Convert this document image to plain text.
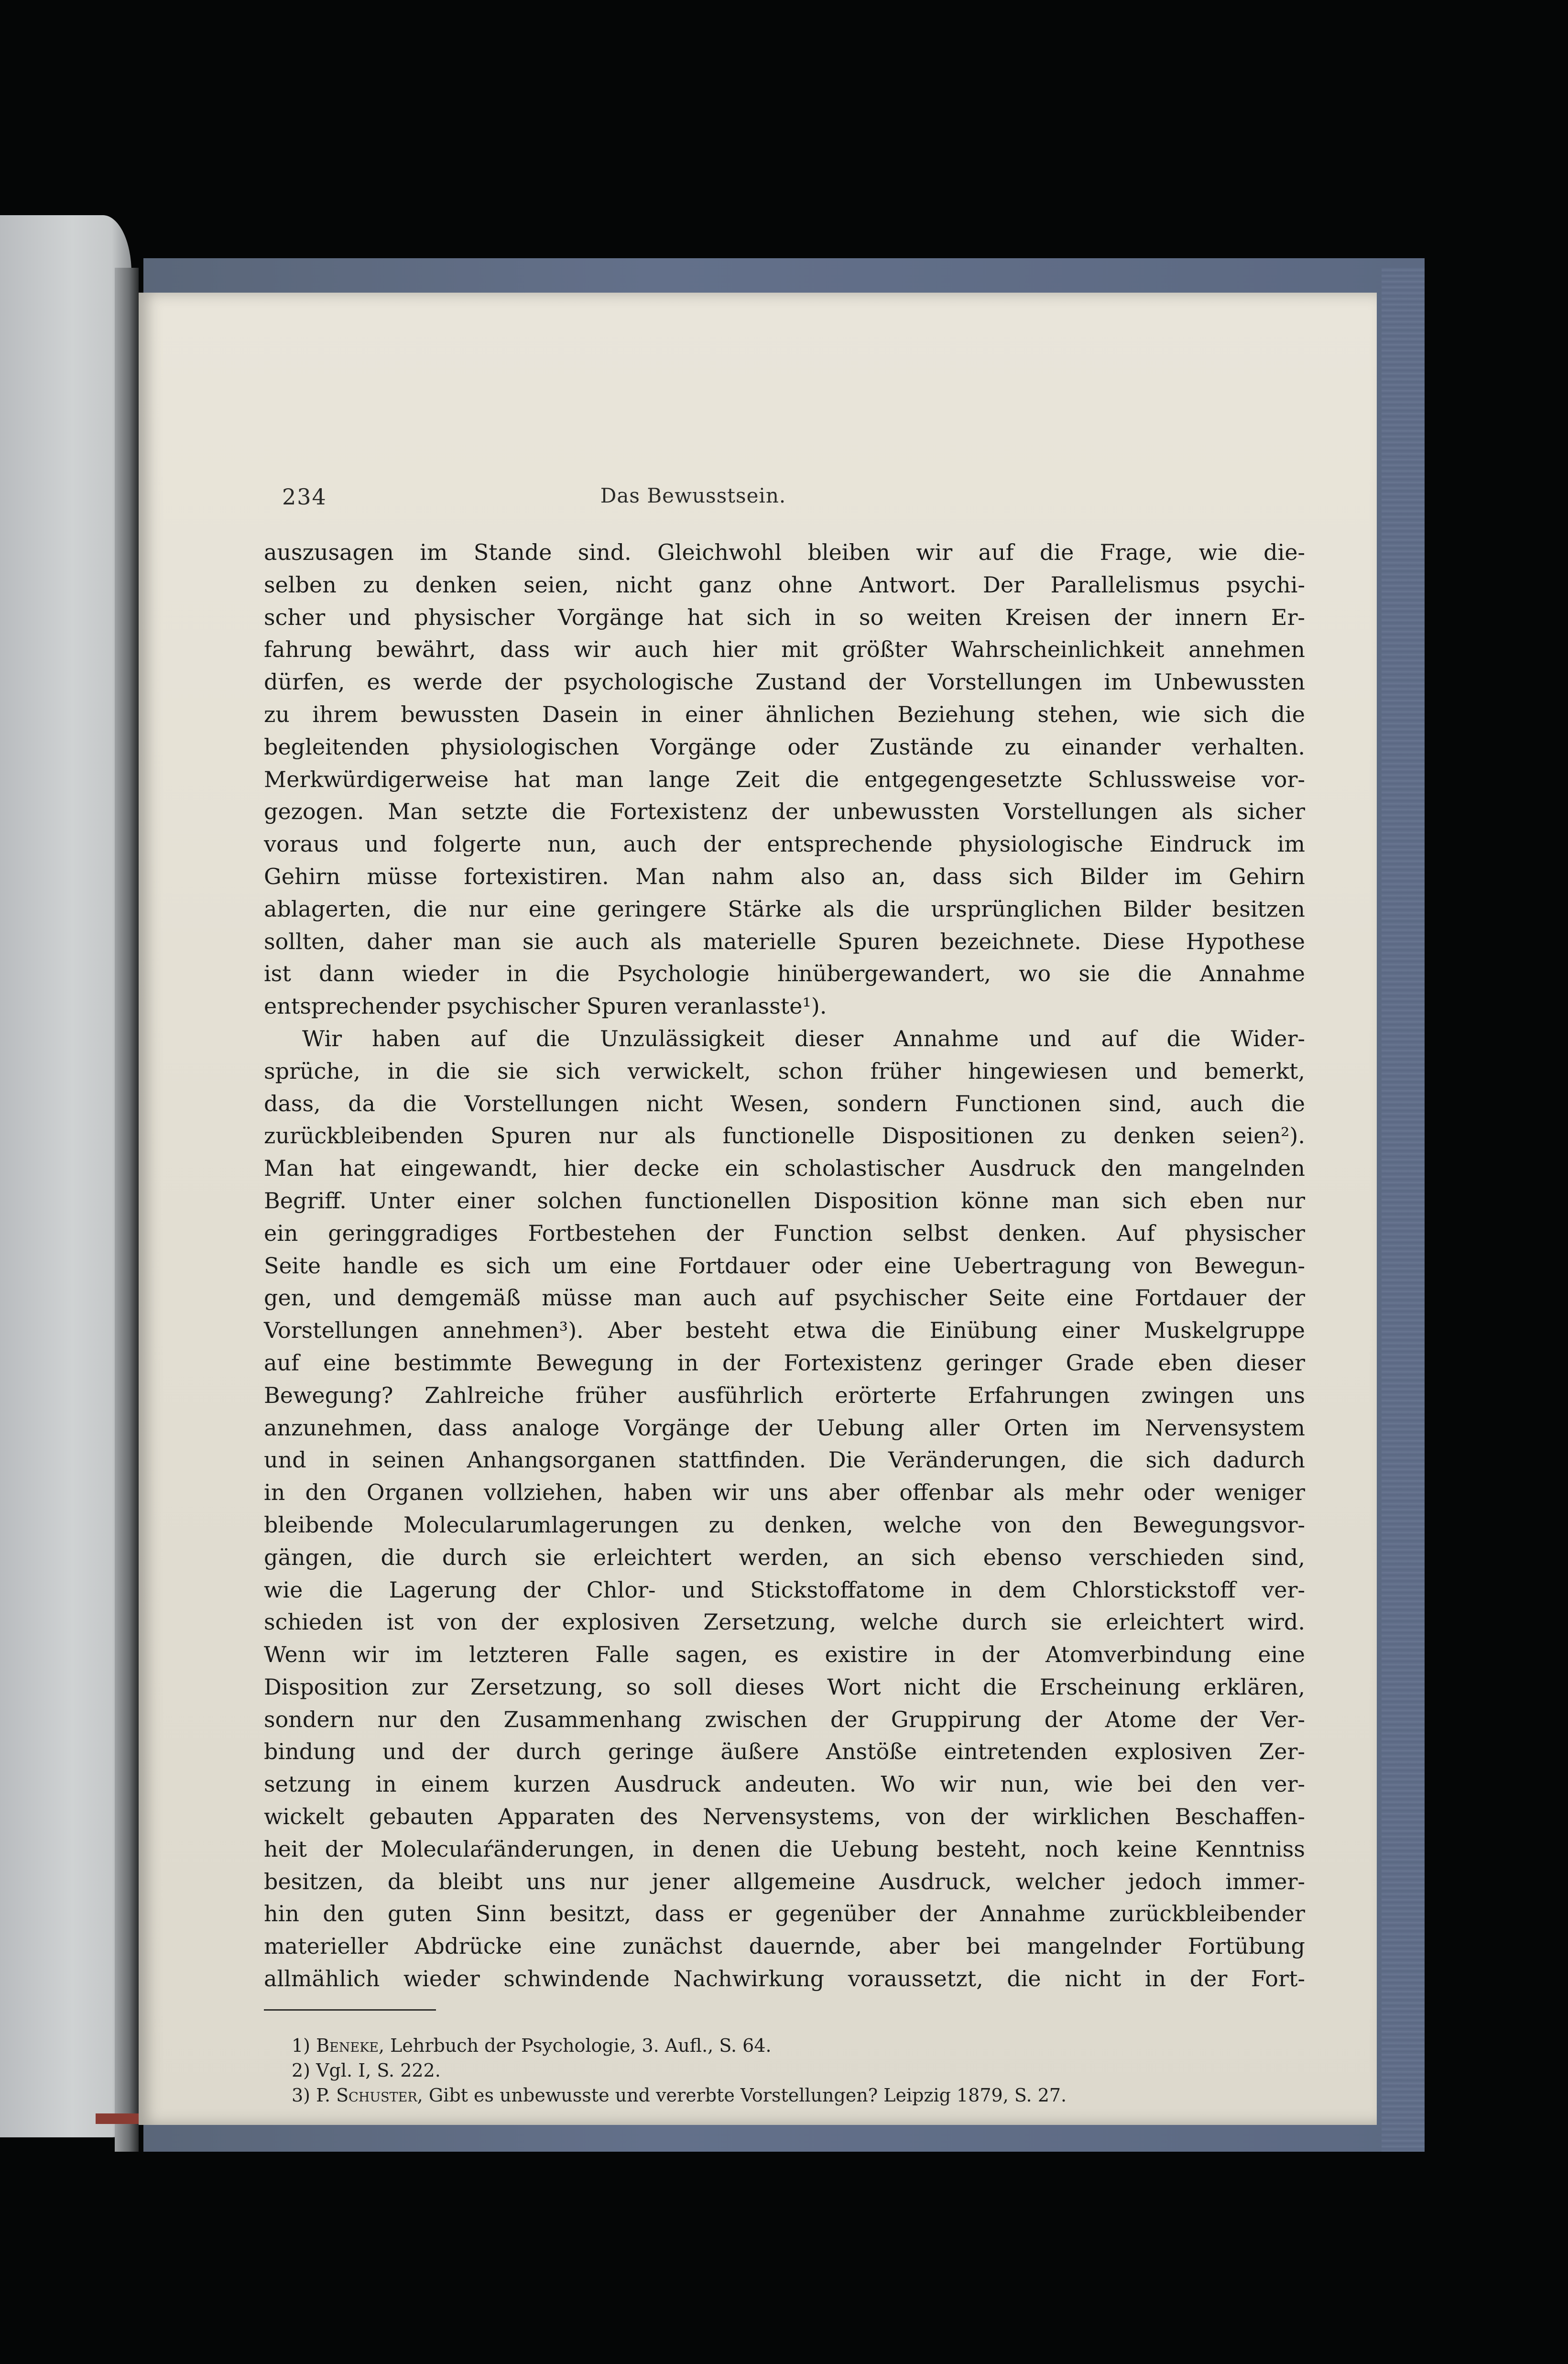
234	Das Bewusstsein.
auszusagen im Stande sind. Gleichwohl bleiben wir auf die Frage, wie die-
selben zu denken seien, nicht ganz ohne Antwort. Der Parallelismus psychi-
scher und physischer Vorgänge hat sich in so weiten Kreisen der innern Er-
fahrung bewährt, dass wir auch hier mit größter Wahrscheinlichkeit annehmen
dürfen, es werde der psychologische Zustand der Vorstellungen im Unbewussten
zu ihrem bewussten Dasein in einer ähnlichen Beziehung stehen, wie sich die
begleitenden physiologischen Vorgänge oder Zustände zu einander verhalten.
Merkwürdigerweise hat man lange Zeit die entgegengesetzte Schlussweise vor-
gezogen. Man setzte die Fortexistenz der unbewussten Vorstellungen als sicher
voraus und folgerte nun, auch der entsprechende physiologische Eindruck im
Gehirn müsse fortexistiren. Man nahm also an, dass sich Bilder im Gehirn
ablagerten, die nur eine geringere Stärke als die ursprünglichen Bilder besitzen
sollten, daher man sie auch als materielle Spuren bezeichnete. Diese Hypothese
ist dann wieder in die Psychologie hinübergewandert, wo sie die Annahme
entsprechender psychischer Spuren veranlasste¹).
Wir haben auf die Unzulässigkeit dieser Annahme und auf die Wider-
sprüche, in die sie sich verwickelt, schon früher hingewiesen und bemerkt,
dass, da die Vorstellungen nicht Wesen, sondern Functionen sind, auch die
zurückbleibenden Spuren nur als functionelle Dispositionen zu denken seien²).
Man hat eingewandt, hier decke ein scholastischer Ausdruck den mangelnden
Begriff. Unter einer solchen functionellen Disposition könne man sich eben nur
ein geringgradiges Fortbestehen der Function selbst denken. Auf physischer
Seite handle es sich um eine Fortdauer oder eine Uebertragung von Bewegun-
gen, und demgemäß müsse man auch auf psychischer Seite eine Fortdauer der
Vorstellungen annehmen³). Aber besteht etwa die Einübung einer Muskelgruppe
auf eine bestimmte Bewegung in der Fortexistenz geringer Grade eben dieser
Bewegung? Zahlreiche früher ausführlich erörterte Erfahrungen zwingen uns
anzunehmen, dass analoge Vorgänge der Uebung aller Orten im Nervensystem
und in seinen Anhangsorganen stattfinden. Die Veränderungen, die sich dadurch
in den Organen vollziehen, haben wir uns aber offenbar als mehr oder weniger
bleibende Molecularumlagerungen zu denken, welche von den Bewegungsvor-
gängen, die durch sie erleichtert werden, an sich ebenso verschieden sind,
wie die Lagerung der Chlor- und Stickstoffatome in dem Chlorstickstoff ver-
schieden ist von der explosiven Zersetzung, welche durch sie erleichtert wird.
Wenn wir im letzteren Falle sagen, es existire in der Atomverbindung eine
Disposition zur Zersetzung, so soll dieses Wort nicht die Erscheinung erklären,
sondern nur den Zusammenhang zwischen der Gruppirung der Atome der Ver-
bindung und der durch geringe äußere Anstöße eintretenden explosiven Zer-
setzung in einem kurzen Ausdruck andeuten. Wo wir nun, wie bei den ver-
wickelt gebauten Apparaten des Nervensystems, von der wirklichen Beschaffen-
heit der Moleculaŕänderungen, in denen die Uebung besteht, noch keine Kenntniss
besitzen, da bleibt uns nur jener allgemeine Ausdruck, welcher jedoch immer-
hin den guten Sinn besitzt, dass er gegenüber der Annahme zurückbleibender
materieller Abdrücke eine zunächst dauernde, aber bei mangelnder Fortübung
allmählich wieder schwindende Nachwirkung voraussetzt, die nicht in der Fort-
1) Beneke, Lehrbuch der Psychologie, 3. Aufl., S. 64.
2) Vgl. I, S. 222.
3) P. Schuster, Gibt es unbewusste und vererbte Vorstellungen? Leipzig 1879, S. 27.
